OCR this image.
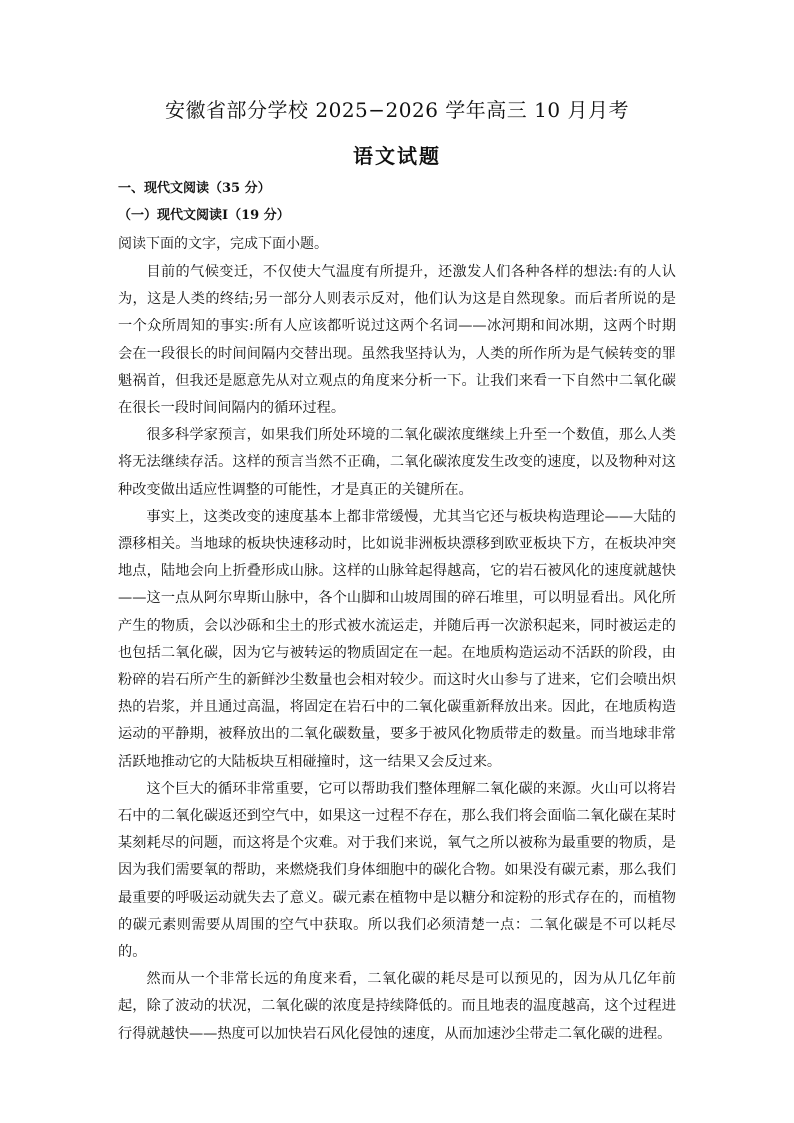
安徽省部分学校 2025−2026 学年高三 10 月月考
语文试题
一、现代文阅读（35 分）
（一）现代文阅读Ⅰ（19 分）
阅读下面的文字，完成下面小题。

目前的气候变迁，不仅使大气温度有所提升，还激发人们各种各样的想法:有的人认为，这是人类的终结;另一部分人则表示反对，他们认为这是自然现象。而后者所说的是一个众所周知的事实:所有人应该都听说过这两个名词——冰河期和间冰期，这两个时期会在一段很长的时间间隔内交替出现。虽然我坚持认为，人类的所作所为是气候转变的罪魁祸首，但我还是愿意先从对立观点的角度来分析一下。让我们来看一下自然中二氧化碳在很长一段时间间隔内的循环过程。

很多科学家预言，如果我们所处环境的二氧化碳浓度继续上升至一个数值，那么人类将无法继续存活。这样的预言当然不正确，二氧化碳浓度发生改变的速度，以及物种对这种改变做出适应性调整的可能性，才是真正的关键所在。

事实上，这类改变的速度基本上都非常缓慢，尤其当它还与板块构造理论——大陆的漂移相关。当地球的板块快速移动时，比如说非洲板块漂移到欧亚板块下方，在板块冲突地点，陆地会向上折叠形成山脉。这样的山脉耸起得越高，它的岩石被风化的速度就越快——这一点从阿尔卑斯山脉中，各个山脚和山坡周围的碎石堆里，可以明显看出。风化所产生的物质，会以沙砾和尘土的形式被水流运走，并随后再一次淤积起来，同时被运走的也包括二氧化碳，因为它与被转运的物质固定在一起。在地质构造运动不活跃的阶段，由粉碎的岩石所产生的新鲜沙尘数量也会相对较少。而这时火山参与了进来，它们会喷出炽热的岩浆，并且通过高温，将固定在岩石中的二氧化碳重新释放出来。因此，在地质构造运动的平静期，被释放出的二氧化碳数量，要多于被风化物质带走的数量。而当地球非常活跃地推动它的大陆板块互相碰撞时，这一结果又会反过来。

这个巨大的循环非常重要，它可以帮助我们整体理解二氧化碳的来源。火山可以将岩石中的二氧化碳返还到空气中，如果这一过程不存在，那么我们将会面临二氧化碳在某时某刻耗尽的问题，而这将是个灾难。对于我们来说，氧气之所以被称为最重要的物质，是因为我们需要氧的帮助，来燃烧我们身体细胞中的碳化合物。如果没有碳元素，那么我们最重要的呼吸运动就失去了意义。碳元素在植物中是以糖分和淀粉的形式存在的，而植物的碳元素则需要从周围的空气中获取。所以我们必须清楚一点：二氧化碳是不可以耗尽的。

然而从一个非常长远的角度来看，二氧化碳的耗尽是可以预见的，因为从几亿年前起，除了波动的状况，二氧化碳的浓度是持续降低的。而且地表的温度越高，这个过程进行得就越快——热度可以加快岩石风化侵蚀的速度，从而加速沙尘带走二氧化碳的进程。
